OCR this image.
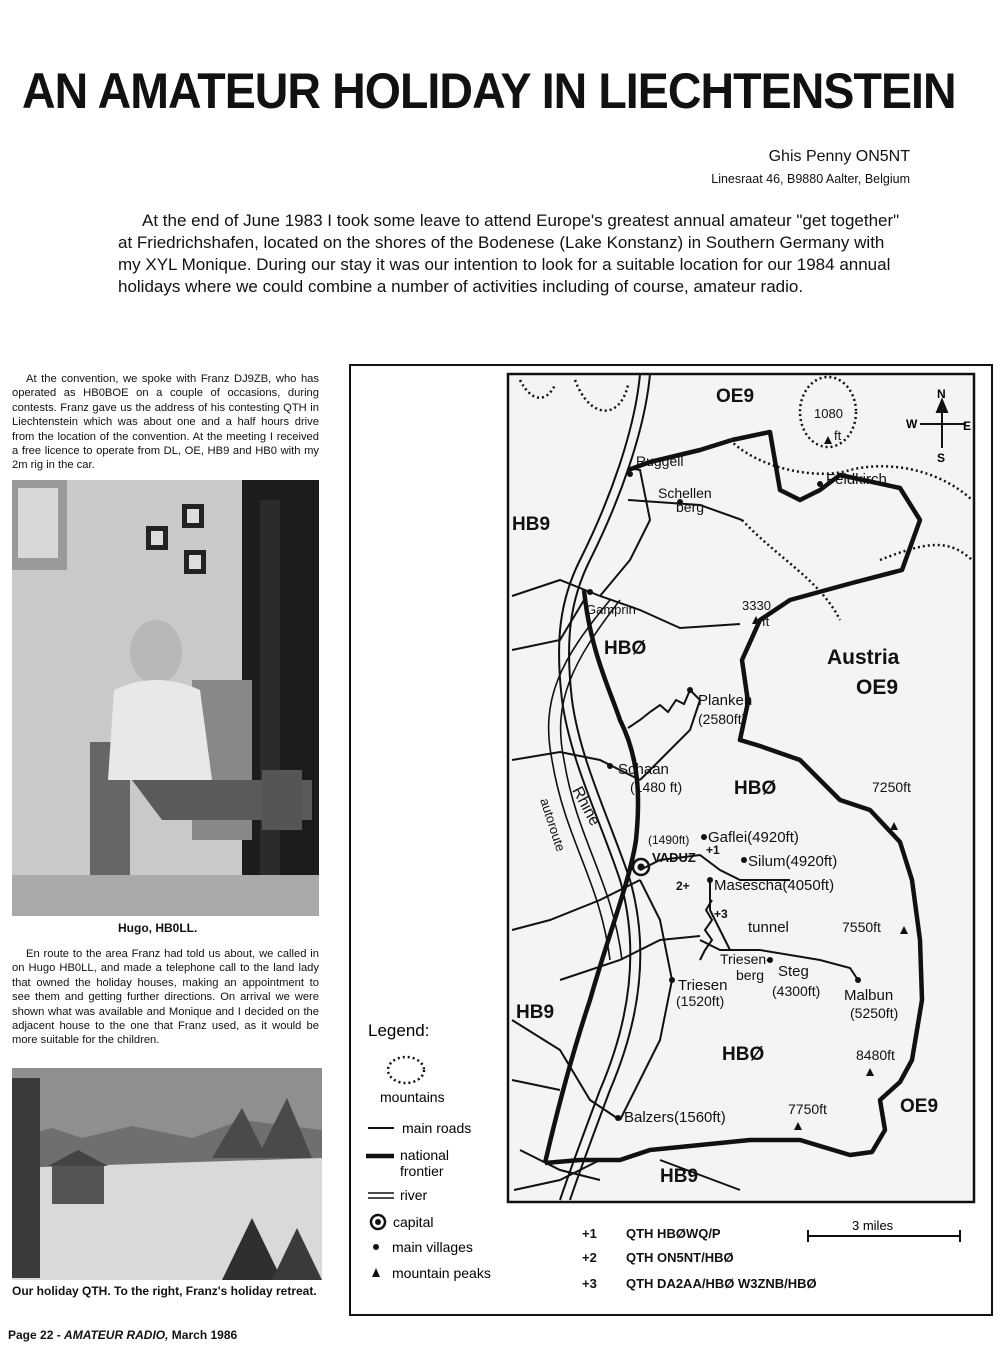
AN AMATEUR HOLIDAY IN LIECHTENSTEIN
Ghis Penny ON5NT
Linesraat 46, B9880 Aalter, Belgium
At the end of June 1983 I took some leave to attend Europe's greatest annual amateur "get together" at Friedrichshafen, located on the shores of the Bodenese (Lake Konstanz) in Southern Germany with my XYL Monique. During our stay it was our intention to look for a suitable location for our 1984 annual holidays where we could combine a number of activities including of course, amateur radio.
At the convention, we spoke with Franz DJ9ZB, who has operated as HB0BOE on a couple of occasions, during contests. Franz gave us the address of his contesting QTH in Liechtenstein which was about one and a half hours drive from the location of the convention. At the meeting I received a free licence to operate from DL, OE, HB9 and HB0 with my 2m rig in the car.
Hugo, HB0LL.
En route to the area Franz had told us about, we called in on Hugo HB0LL, and made a telephone call to the land lady that owned the holiday houses, making an appointment to see them and getting further directions. On arrival we were shown what was available and Monique and I decided on the adjacent house to the one that Franz used, as it would be more suitable for the children.
Our holiday QTH. To the right, Franz's holiday retreat.
Page 22 - AMATEUR RADIO, March 1986
OE9
HB9
HBØ	Austria
OE9
HBØ
HB9
HBØ
OE9
HB9
N
S
W	E
Ruggell
Schellen
berg
Feldkirch
Gamprin
Planken
(2580ft)
Schaan
(1480 ft)
(1490ft)
VADUZ
Gaflei(4920ft)
Silum(4920ft)
Masescha(4050ft)
tunnel
Triesen-
berg Steg
(4300ft) Malbun
(5250ft)
Triesen
(1520ft)
Balzers(1560ft)
Rhine
autoroute
1080
ft
3330
ft
7250ft
7550ft
8480ft
7750ft
+1
2+
+3
Legend:
mountains
main roads
national
frontier
river
capital
main villages
mountain peaks
+1 QTH HBØWQ/P
+2 QTH ON5NT/HBØ
+3 QTH DA2AA/HBØ W3ZNB/HBØ
3 miles
